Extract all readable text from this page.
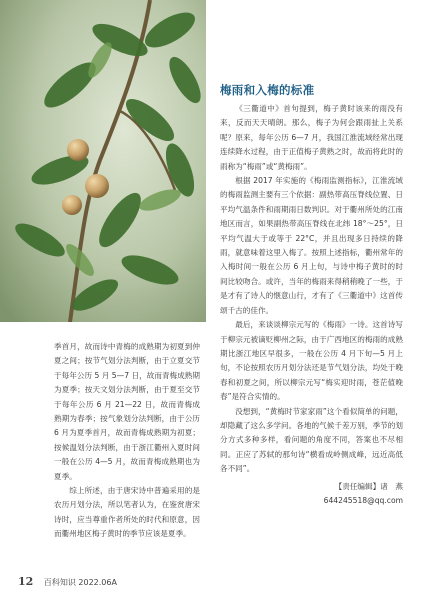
梅雨和入梅的标准

《三衢道中》首句提到，梅子黄时该来的雨没有来，反而天天晴朗。那么，梅子为何会跟雨扯上关系呢？原来，每年公历 6—7 月，我国江淮流域经常出现连续降水过程，由于正值梅子黄熟之时，故而将此时的雨称为“梅雨”或“黄梅雨”。

根据 2017 年实施的《梅雨监测指标》，江淮流域的梅雨监测主要有三个依据：副热带高压脊线位置、日平均气温条件和雨期雨日数判识。对于衢州所处的江南地区而言，如果副热带高压脊线在北纬 18°～25°，日平均气温大于或等于 22°C，并且出现多日持续的降雨，就意味着这里入梅了。按照上述指标，衢州常年的入梅时间一般在公历 6 月上旬，与诗中梅子黄时的时间比较吻合。或许，当年的梅雨来得稍稍晚了一些，于是才有了诗人的惬意山行，才有了《三衢道中》这首传颂千古的佳作。

最后，来谈谈柳宗元写的《梅雨》一诗。这首诗写于柳宗元被谪贬柳州之际，由于广西地区的梅雨的成熟期比浙江地区早很多，一般在公历 4 月下旬—5 月上旬，不论按照农历月划分法还是节气划分法，均处于晚春和初夏之间，所以柳宗元写“梅实迎时雨，苍茫值晚春”是符合实情的。

没想到，“黄梅时节家家雨”这个看似简单的问题，却隐藏了这么多学问。各地的气候千差万别，季节的划分方式多种多样，看问题的角度不同，答案也不尽相同。正应了苏轼的那句诗“横看成岭侧成峰，远近高低各不同”。

【责任编辑】诸　燕

644245518@qq.com

季首月，故而诗中青梅的成熟期为初夏到仲夏之间；按节气划分法判断，由于立夏交节于每年公历 5 月 5—7 日，故而青梅成熟期为夏季；按天文划分法判断，由于夏至交节于每年公历 6 月 21—22 日，故而青梅成熟期为春季；按气象划分法判断，由于公历 6 月为夏季首月，故而青梅成熟期为初夏；按候温划分法判断，由于浙江衢州入夏时间一般在公历 4—5 月，故而青梅成熟期也为夏季。

综上所述，由于唐宋诗中普遍采用的是农历月划分法，所以笔者认为，在鉴赏唐宋诗时，应当尊重作者所处的时代和原意，因而衢州地区梅子黄时的季节应该是夏季。

12 百科知识 2022.06A
